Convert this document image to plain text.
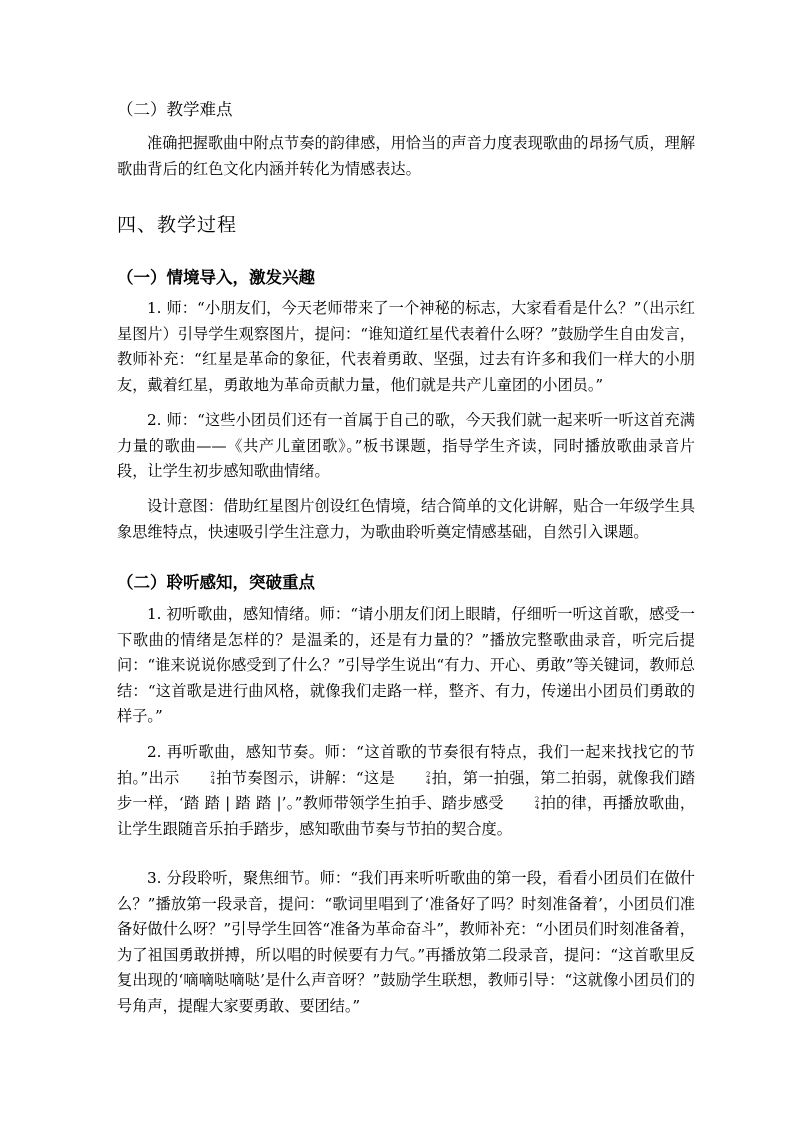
（二）教学难点
准确把握歌曲中附点节奏的韵律感，用恰当的声音力度表现歌曲的昂扬气质，理解歌曲背后的红色文化内涵并转化为情感表达。
四、教学过程
（一）情境导入，激发兴趣
1. 师：“小朋友们，今天老师带来了一个神秘的标志，大家看看是什么？”（出示红星图片）引导学生观察图片，提问：“谁知道红星代表着什么呀？”鼓励学生自由发言，教师补充：“红星是革命的象征，代表着勇敢、坚强，过去有许多和我们一样大的小朋友，戴着红星，勇敢地为革命贡献力量，他们就是共产儿童团的小团员。”
2. 师：“这些小团员们还有一首属于自己的歌，今天我们就一起来听一听这首充满力量的歌曲——《共产儿童团歌》。”板书课题，指导学生齐读，同时播放歌曲录音片段，让学生初步感知歌曲情绪。
设计意图：借助红星图片创设红色情境，结合简单的文化讲解，贴合一年级学生具象思维特点，快速吸引学生注意力，为歌曲聆听奠定情感基础，自然引入课题。
（二）聆听感知，突破重点
1. 初听歌曲，感知情绪。师：“请小朋友们闭上眼睛，仔细听一听这首歌，感受一下歌曲的情绪是怎样的？是温柔的，还是有力量的？”播放完整歌曲录音，听完后提问：“谁来说说你感受到了什么？”引导学生说出“有力、开心、勇敢”等关键词，教师总结：“这首歌是进行曲风格，就像我们走路一样，整齐、有力，传递出小团员们勇敢的样子。”
2. 再听歌曲，感知节奏。师：“这首歌的节奏很有特点，我们一起来找找它的节拍。”出示	2
4 拍节奏图示，讲解：“这是	2
4 拍，第一拍强，第二拍弱，就像我们踏步一样，‘踏 踏 | 踏 踏 |’。”教师带领学生拍手、踏步感受	2
4 拍的律，再播放歌曲，让学生跟随音乐拍手踏步，感知歌曲节奏与节拍的契合度。
3. 分段聆听，聚焦细节。师：“我们再来听听歌曲的第一段，看看小团员们在做什么？”播放第一段录音，提问：“歌词里唱到了‘准备好了吗？时刻准备着’，小团员们准备好做什么呀？”引导学生回答“准备为革命奋斗”，教师补充：“小团员们时刻准备着，为了祖国勇敢拼搏，所以唱的时候要有力气。”再播放第二段录音，提问：“这首歌里反复出现的‘嘀嘀哒嘀哒’是什么声音呀？”鼓励学生联想，教师引导：“这就像小团员们的号角声，提醒大家要勇敢、要团结。”
